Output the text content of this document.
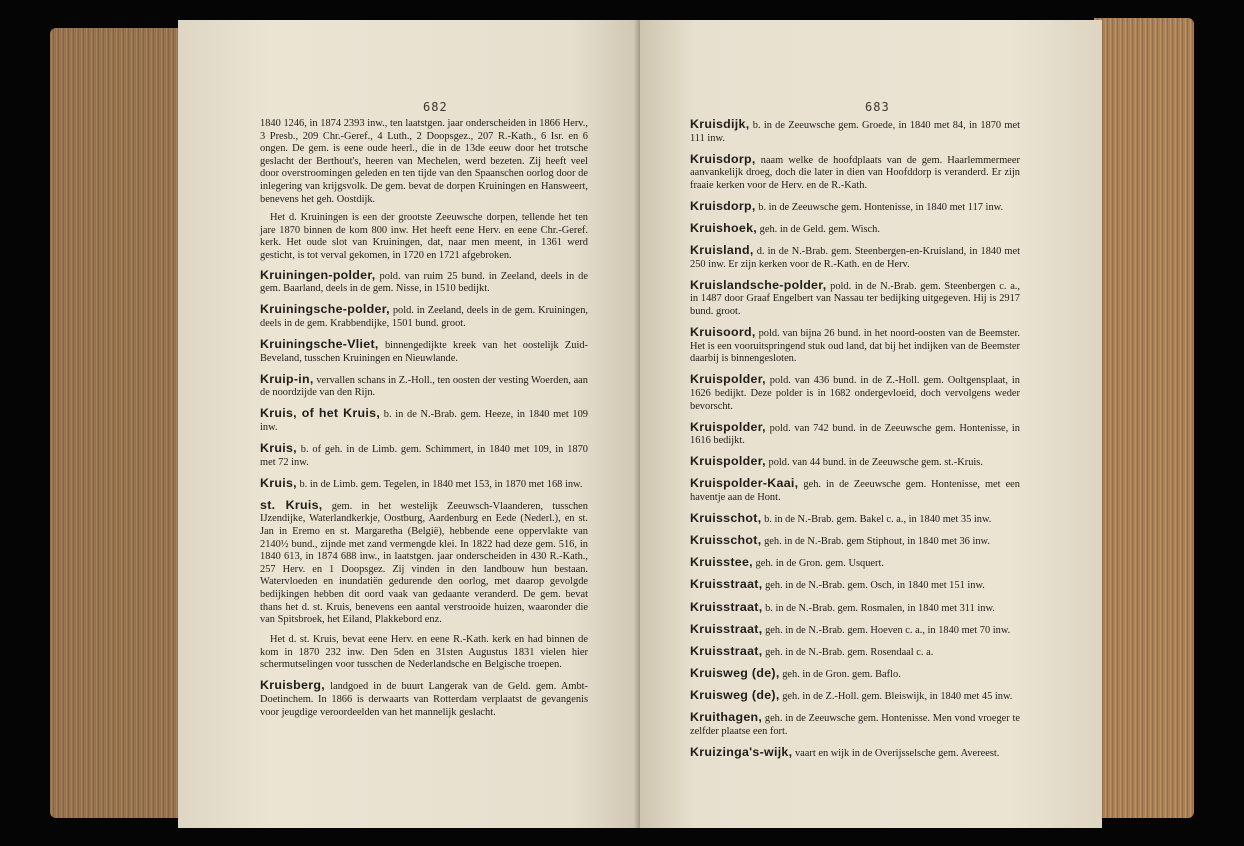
682

1840 1246, in 1874 2393 inw., ten laatstgen. jaar onderscheiden in 1866 Herv., 3 Presb., 209 Chr.-Geref., 4 Luth., 2 Doopsgez., 207 R.-Kath., 6 Isr. en 6 ongen. De gem. is eene oude heerl., die in de 13de eeuw door het trotsche geslacht der Berthout's, heeren van Mechelen, werd bezeten. Zij heeft veel door overstroomingen geleden en ten tijde van den Spaanschen oorlog door de inlegering van krijgsvolk. De gem. bevat de dorpen Kruiningen en Hansweert, benevens het geh. Oostdijk.

Het d. Kruiningen is een der grootste Zeeuwsche dorpen, tellende het ten jare 1870 binnen de kom 800 inw. Het heeft eene Herv. en eene Chr.-Geref. kerk. Het oude slot van Kruiningen, dat, naar men meent, in 1361 werd gesticht, is tot verval gekomen, in 1720 en 1721 afgebroken.

Kruiningen-polder, pold. van ruim 25 bund. in Zeeland, deels in de gem. Baarland, deels in de gem. Nisse, in 1510 bedijkt.

Kruiningsche-polder, pold. in Zeeland, deels in de gem. Kruiningen, deels in de gem. Krabbendijke, 1501 bund. groot.

Kruiningsche-Vliet, binnengedijkte kreek van het oostelijk Zuid-Beveland, tusschen Kruiningen en Nieuwlande.

Kruip-in, vervallen schans in Z.-Holl., ten oosten der vesting Woerden, aan de noordzijde van den Rijn.

Kruis, of het Kruis, b. in de N.-Brab. gem. Heeze, in 1840 met 109 inw.

Kruis, b. of geh. in de Limb. gem. Schimmert, in 1840 met 109, in 1870 met 72 inw.

Kruis, b. in de Limb. gem. Tegelen, in 1840 met 153, in 1870 met 168 inw.

st. Kruis, gem. in het westelijk Zeeuwsch-Vlaanderen, tusschen IJzendijke, Waterlandkerkje, Oostburg, Aardenburg en Eede (Nederl.), en st. Jan in Eremo en st. Margaretha (België), hebbende eene oppervlakte van 2140½ bund., zijnde met zand vermengde klei. In 1822 had deze gem. 516, in 1840 613, in 1874 688 inw., in laatstgen. jaar onderscheiden in 430 R.-Kath., 257 Herv. en 1 Doopsgez. Zij vinden in den landbouw hun bestaan. Watervloeden en inundatiën gedurende den oorlog, met daarop gevolgde bedijkingen hebben dit oord vaak van gedaante veranderd. De gem. bevat thans het d. st. Kruis, benevens een aantal verstrooide huizen, waaronder die van Spitsbroek, het Eiland, Plakkebord enz.

Het d. st. Kruis, bevat eene Herv. en eene R.-Kath. kerk en had binnen de kom in 1870 232 inw. Den 5den en 31sten Augustus 1831 vielen hier schermutselingen voor tusschen de Nederlandsche en Belgische troepen.

Kruisberg, landgoed in de buurt Langerak van de Geld. gem. Ambt-Doetinchem. In 1866 is derwaarts van Rotterdam verplaatst de gevangenis voor jeugdige veroordeelden van het mannelijk geslacht.

683

Kruisdijk, b. in de Zeeuwsche gem. Groede, in 1840 met 84, in 1870 met 111 inw.

Kruisdorp, naam welke de hoofdplaats van de gem. Haarlemmermeer aanvankelijk droeg, doch die later in dien van Hoofddorp is veranderd. Er zijn fraaie kerken voor de Herv. en de R.-Kath.

Kruisdorp, b. in de Zeeuwsche gem. Hontenisse, in 1840 met 117 inw.

Kruishoek, geh. in de Geld. gem. Wisch.

Kruisland, d. in de N.-Brab. gem. Steenbergen-en-Kruisland, in 1840 met 250 inw. Er zijn kerken voor de R.-Kath. en de Herv.

Kruislandsche-polder, pold. in de N.-Brab. gem. Steenbergen c. a., in 1487 door Graaf Engelbert van Nassau ter bedijking uitgegeven. Hij is 2917 bund. groot.

Kruisoord, pold. van bijna 26 bund. in het noord-oosten van de Beemster. Het is een vooruitspringend stuk oud land, dat bij het indijken van de Beemster daarbij is binnengesloten.

Kruispolder, pold. van 436 bund. in de Z.-Holl. gem. Ooltgensplaat, in 1626 bedijkt. Deze polder is in 1682 ondergevloeid, doch vervolgens weder bevorscht.

Kruispolder, pold. van 742 bund. in de Zeeuwsche gem. Hontenisse, in 1616 bedijkt.

Kruispolder, pold. van 44 bund. in de Zeeuwsche gem. st.-Kruis.

Kruispolder-Kaai, geh. in de Zeeuwsche gem. Hontenisse, met een haventje aan de Hont.

Kruisschot, b. in de N.-Brab. gem. Bakel c. a., in 1840 met 35 inw.

Kruisschot, geh. in de N.-Brab. gem Stiphout, in 1840 met 36 inw.

Kruisstee, geh. in de Gron. gem. Usquert.

Kruisstraat, geh. in de N.-Brab. gem. Osch, in 1840 met 151 inw.

Kruisstraat, b. in de N.-Brab. gem. Rosmalen, in 1840 met 311 inw.

Kruisstraat, geh. in de N.-Brab. gem. Hoeven c. a., in 1840 met 70 inw.

Kruisstraat, geh. in de N.-Brab. gem. Rosendaal c. a.

Kruisweg (de), geh. in de Gron. gem. Baflo.

Kruisweg (de), geh. in de Z.-Holl. gem. Bleiswijk, in 1840 met 45 inw.

Kruithagen, geh. in de Zeeuwsche gem. Hontenisse. Men vond vroeger te zelfder plaatse een fort.

Kruizinga's-wijk, vaart en wijk in de Overijsselsche gem. Avereest.
